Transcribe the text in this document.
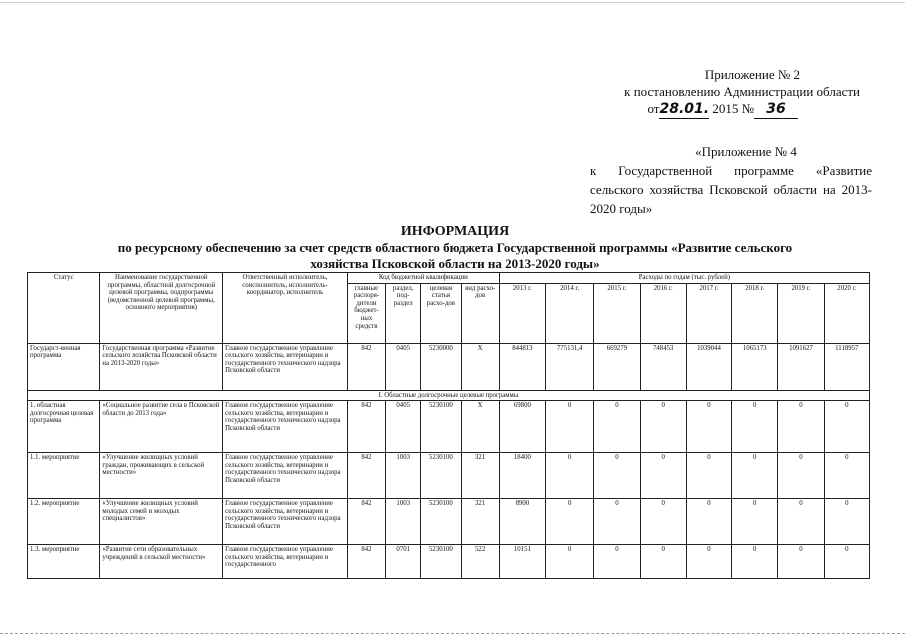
Приложение № 2
к постановлению Администрации области
от28.01. 2015 № 36
«Приложение № 4
к Государственной программе «Развитие сельского хозяйства Псковской области на 2013-2020 годы»
ИНФОРМАЦИЯ
по ресурсному обеспечению за счет средств областного бюджета Государственной программы «Развитие сельского
хозяйства Псковской области на 2013-2020 годы»
Статус	Наименование государственной программы, областной долгосрочной целевой программы, подпрограммы (ведомственной целевой программы, основного мероприятия)	Ответственный исполнитель, соисполнитель, исполнитель-координатор, исполнитель	Код бюджетной квалификации				Расходы по годам (тыс. рублей)							
			главные распоря-дители бюджет-ных средств	раздел, под-раздел	целевая статья расхо-дов	вид расхо-дов	2013 г.	2014 г.	2015 г.	2016 г.	2017 г.	2018 г.	2019 г.	2020 г.
Государст-венная программа	Государственная программа «Развитие сельского хозяйства Псковской области на 2013-2020 годы»	Главное государственное управление сельского хозяйства, ветеринарии и государственного технического надзора Псковской области	842	0405	5230000	X	844813	775131,4	669279	748453	1039044	1065173	1091627	1118957
I. Областные долгосрочные целевые программы														
1. областная долгосрочная целевая программа	«Социальное развитие села в Псковской области до 2013 года»	Главное государственное управление сельского хозяйства, ветеринарии и государственного технического надзора Псковской области	842	0405	5230100	X	69800	0	0	0	0	0	0	0
1.1. мероприятие	«Улучшение жилищных условий граждан, проживающих в сельской местности»	Главное государственное управление сельского хозяйства, ветеринарии и государственного технического надзора Псковской области	842	1003	5230100	321	18400	0	0	0	0	0	0	0
1.2. мероприятие	«Улучшение жилищных условий молодых семей и молодых специалистов»	Главное государственное управление сельского хозяйства, ветеринарии и государственного технического надзора Псковской области	842	1003	5230100	321	8900	0	0	0	0	0	0	0
1.3. мероприятие	«Развитие сети образовательных учреждений в сельской местности»	Главное государственное управление сельского хозяйства, ветеринарии и государственного	842	0701	5230100	522	10151	0	0	0	0	0	0	0
